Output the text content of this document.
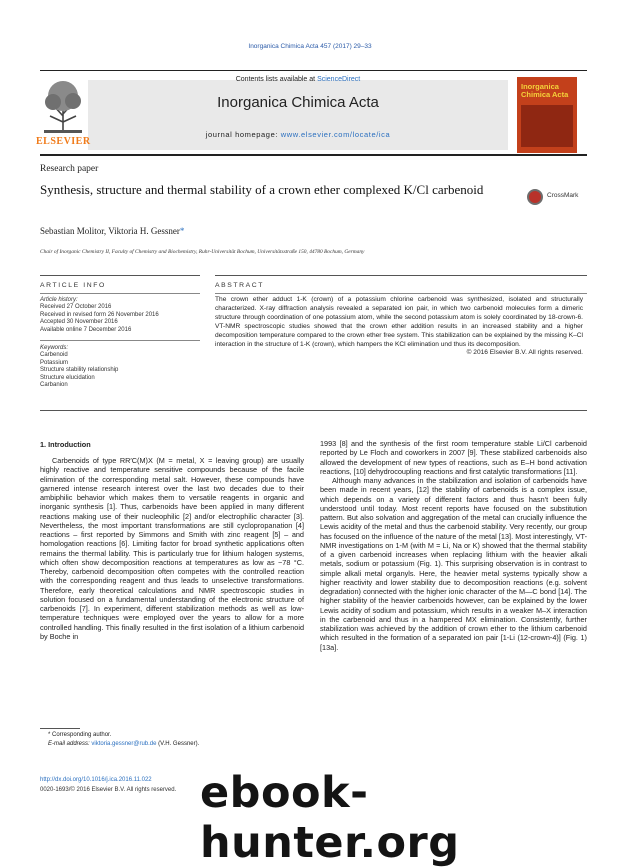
Inorganica Chimica Acta 457 (2017) 29–33
Contents lists available at ScienceDirect
Inorganica Chimica Acta
journal homepage: www.elsevier.com/locate/ica
ELSEVIER
Inorganica Chimica Acta
Research paper
Synthesis, structure and thermal stability of a crown ether complexed K/Cl carbenoid	CrossMark
Sebastian Molitor, Viktoria H. Gessner*
Chair of Inorganic Chemistry II, Faculty of Chemistry and Biochemistry, Ruhr-Universität Bochum, Universitätsstraße 150, 44780 Bochum, Germany
ARTICLE INFO	ABSTRACT
Article history:
Received 27 October 2016
Received in revised form 26 November 2016
Accepted 30 November 2016
Available online 7 December 2016
Keywords:
Carbenoid
Potassium
Structure stability relationship
Structure elucidation
Carbanion
The crown ether adduct 1-K (crown) of a potassium chlorine carbenoid was synthesized, isolated and structurally characterized. X-ray diffraction analysis revealed a separated ion pair, in which two carbenoid molecules form a dimeric structure through coordination of one potassium atom, while the second potassium atom is solely coordinated by 18-crown-6. VT-NMR spectroscopic studies showed that the crown ether addition results in an increased stability and a higher decomposition temperature compared to the crown ether free system. This stabilization can be explained by the missing K–Cl interaction in the structure of 1-K (crown), which hampers the KCl elimination und thus its decomposition.
© 2016 Elsevier B.V. All rights reserved.
1. Introduction

Carbenoids of type RR′C(M)X (M = metal, X = leaving group) are usually highly reactive and temperature sensitive compounds because of the facile elimination of the corresponding metal salt. However, these compounds have garnered intense research interest over the last two decades due to their ambiphilic behavior which makes them to versatile reagents in organic and inorganic synthesis [1]. Thus, carbenoids have been applied in many different reactions making use of their nucleophilic [2] and/or electrophilic character [3]. Nevertheless, the most important transformations are still cyclopropanation [4] reactions – first reported by Simmons and Smith with zinc reagent [5] – and homologation reactions [6]. Limiting factor for broad synthetic applications often remains the thermal lability. This is particularly true for lithium halogen systems, which often show decomposition reactions at temperatures as low as −78 °C. Thereby, carbenoid decomposition often competes with the controlled reaction with the corresponding reagent and thus leads to unselective transformations. Therefore, early theoretical calculations and NMR spectroscopic studies in solution focused on a fundamental understanding of the electronic structure of carbenoids [7]. In experiment, different stabilization methods as well as low-temperature techniques were employed over the years to allow for a more controlled handling. This finally resulted in the first isolation of a lithium carbenoid by Boche in

1993 [8] and the synthesis of the first room temperature stable Li/Cl carbenoid reported by Le Floch and coworkers in 2007 [9]. These stabilized carbenoids also allowed the development of new types of reactions, such as E–H bond activation reactions, [10] dehydrocoupling reactions and first catalytic transformations [11].

Although many advances in the stabilization and isolation of carbenoids have been made in recent years, [12] the stability of carbenoids is a complex issue, which depends on a variety of different factors and thus hasn't been fully understood until today. Most recent reports have focused on the substitution pattern. But also solvation and aggregation of the metal can crucially influence the Lewis acidity of the metal and thus the carbenoid stability. Very recently, our group has focused on the influence of the nature of the metal [13]. Most interestingly, VT-NMR investigations on 1-M (with M = Li, Na or K) showed that the thermal stability of a given carbenoid increases when replacing lithium with the heavier alkali metals, sodium or potassium (Fig. 1). This surprising observation is in contrast to simple alkali metal organyls. Here, the heavier metal systems typically show a higher reactivity and lower stability due to decomposition reactions (e.g. solvent degradation) connected with the higher ionic character of the M—C bond [14]. The higher stability of the heavier carbenoids however, can be explained by the lower Lewis acidity of sodium and potassium, which results in a weaker M–X interaction in the carbenoid and thus in a hampered MX elimination. Consistently, further stabilization was achieved by the addition of crown ether to the lithium carbenoid which resulted in the formation of a separated ion pair [1-Li (12-crown-4)] (Fig. 1) [13a].

* Corresponding author.
E-mail address: viktoria.gessner@rub.de (V.H. Gessner).
http://dx.doi.org/10.1016/j.ica.2016.11.022
0020-1693/© 2016 Elsevier B.V. All rights reserved. ebook-hunter.org
